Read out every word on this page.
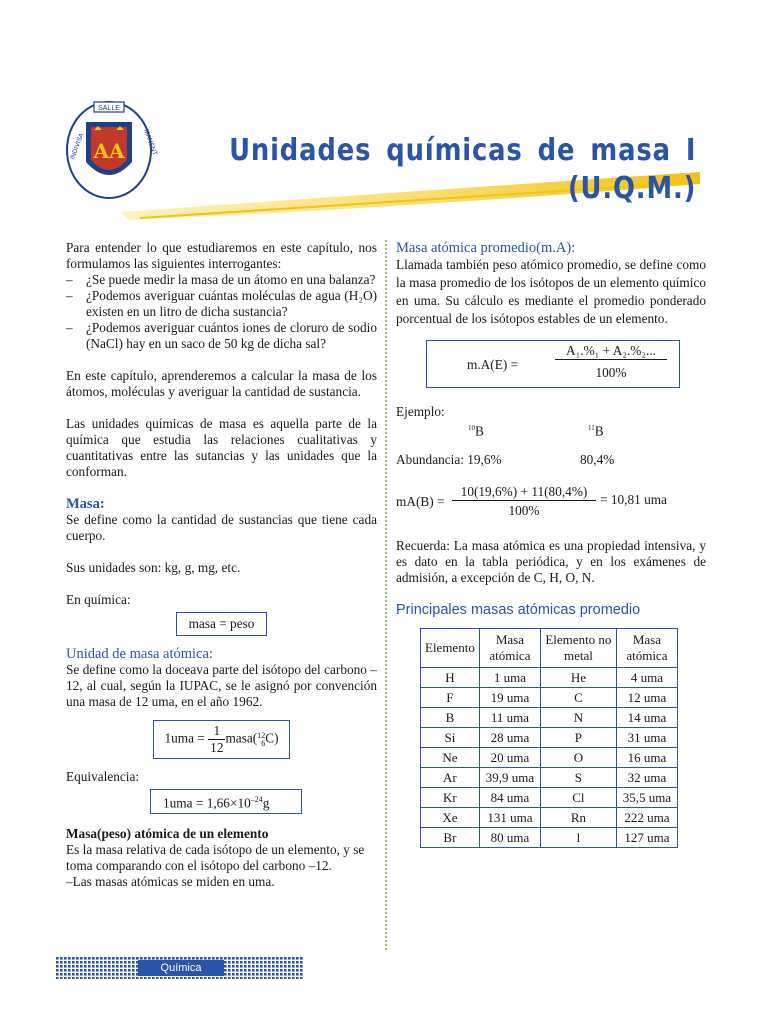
SALLE
INDIVISA	MANENT
AA	Unidades químicas de masa I
(U.Q.M.)

Para entender lo que estudiaremos en este capítulo, nos formulamos las siguientes interrogantes:

–	¿Se puede medir la masa de un átomo en una balanza?
–	¿Podemos averiguar cuántas moléculas de agua (H₂O) existen en un litro de dicha sustancia?
–	¿Podemos averiguar cuántos iones de cloruro de sodio (NaCl) hay en un saco de 50 kg de dicha sal?

En este capítulo, aprenderemos a calcular la masa de los átomos, moléculas y averiguar la cantidad de sustancia.

Las unidades químicas de masa es aquella parte de la química que estudia las relaciones cualitativas y cuantitativas entre las sutancias y las unidades que la conforman.

Masa:

Se define como la cantidad de sustancias que tiene cada cuerpo.

Sus unidades son: kg, g, mg, etc.

En química:

masa = peso

Unidad de masa atómica:

Se define como la doceava parte del isótopo del carbono –12, al cual, según la IUPAC, se le asignó por convención una masa de 12 uma, en el año 1962.

$1uma = \frac{1}{12}$ masa( 12
6 C)

Equivalencia:

$1uma = 1,66\times 10^{-24}g$

Masa(peso) atómica de un elemento

Es la masa relativa de cada isótopo de un elemento, y se toma comparando con el isótopo del carbono –12.

–Las masas atómicas se miden en uma.

Masa atómica promedio(m.A):

Llamada también peso atómico promedio, se define como la masa promedio de los isótopos de un elemento químico en uma. Su cálculo es mediante el promedio ponderado porcentual de los isótopos estables de un elemento.

m.A(E) =
A₁.%₁ + A₂.%₂...
100%

Ejemplo:

$^{10}$B	$^{11}$B
Abundancia: 19,6%	80,4%
mA(B) =
10(19,6%) + 11(80,4%)
100%
= 10,81 uma

Recuerda: La masa atómica es una propiedad intensiva, y es dato en la tabla periódica, y en los exámenes de admisión, a excepción de C, H, O, N.

Principales masas atómicas promedio

Elemento	Masa atómica	Elemento no metal	Masa atómica
H	1 uma	He	4 uma
F	19 uma	C	12 uma
B	11 uma	N	14 uma
Si	28 uma	P	31 uma
Ne	20 uma	O	16 uma
Ar	39,9 uma	S	32 uma
Kr	84 uma	Cl	35,5 uma
Xe	131 uma	Rn	222 uma
Br	80 uma	l	127 uma
Química
